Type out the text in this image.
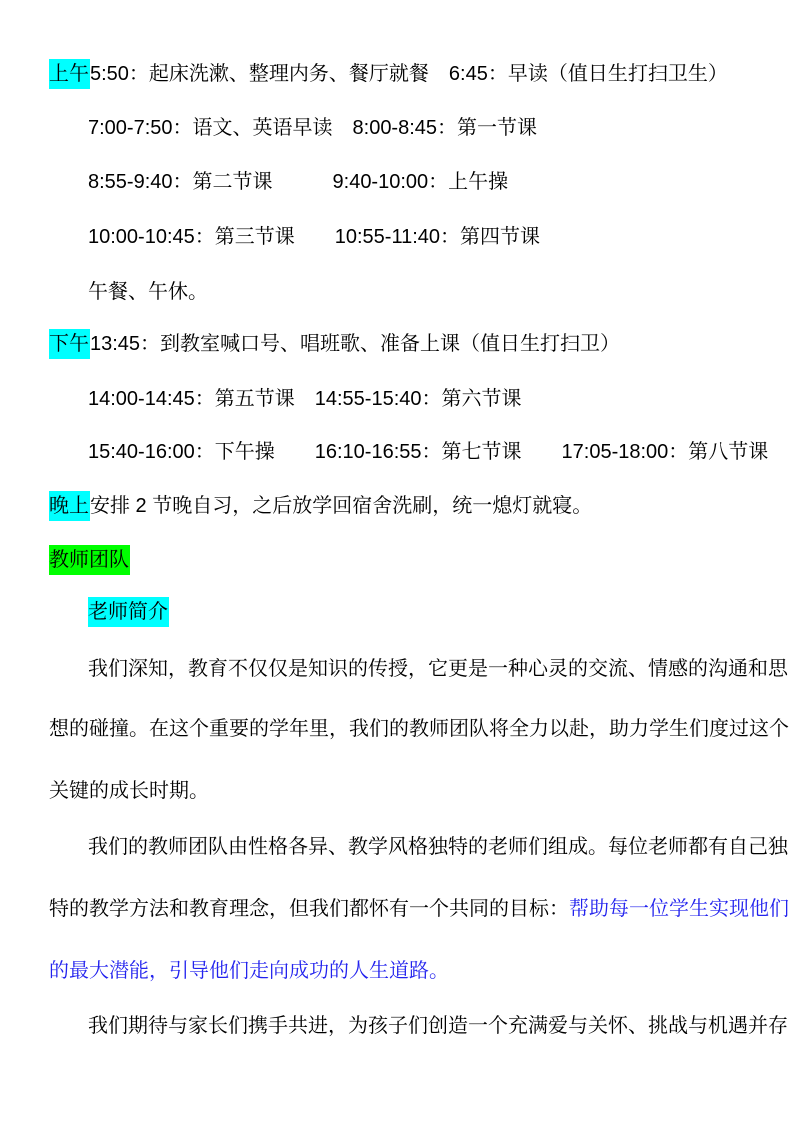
上午5:50：起床洗漱、整理内务、餐厅就餐　6:45：早读（值日生打扫卫生）
7:00-7:50：语文、英语早读　8:00-8:45：第一节课
8:55-9:40：第二节课　　　9:40-10:00：上午操
10:00-10:45：第三节课　　10:55-11:40：第四节课
午餐、午休。
下午13:45：到教室喊口号、唱班歌、准备上课（值日生打扫卫）
14:00-14:45：第五节课　14:55-15:40：第六节课
15:40-16:00：下午操　　16:10-16:55：第七节课　　17:05-18:00：第八节课
晚上安排 2 节晚自习，之后放学回宿舍洗刷，统一熄灯就寝。
教师团队
老师简介
我们深知，教育不仅仅是知识的传授，它更是一种心灵的交流、情感的沟通和思
想的碰撞。在这个重要的学年里，我们的教师团队将全力以赴，助力学生们度过这个
关键的成长时期。
我们的教师团队由性格各异、教学风格独特的老师们组成。每位老师都有自己独
特的教学方法和教育理念，但我们都怀有一个共同的目标：帮助每一位学生实现他们
的最大潜能，引导他们走向成功的人生道路。
我们期待与家长们携手共进，为孩子们创造一个充满爱与关怀、挑战与机遇并存
